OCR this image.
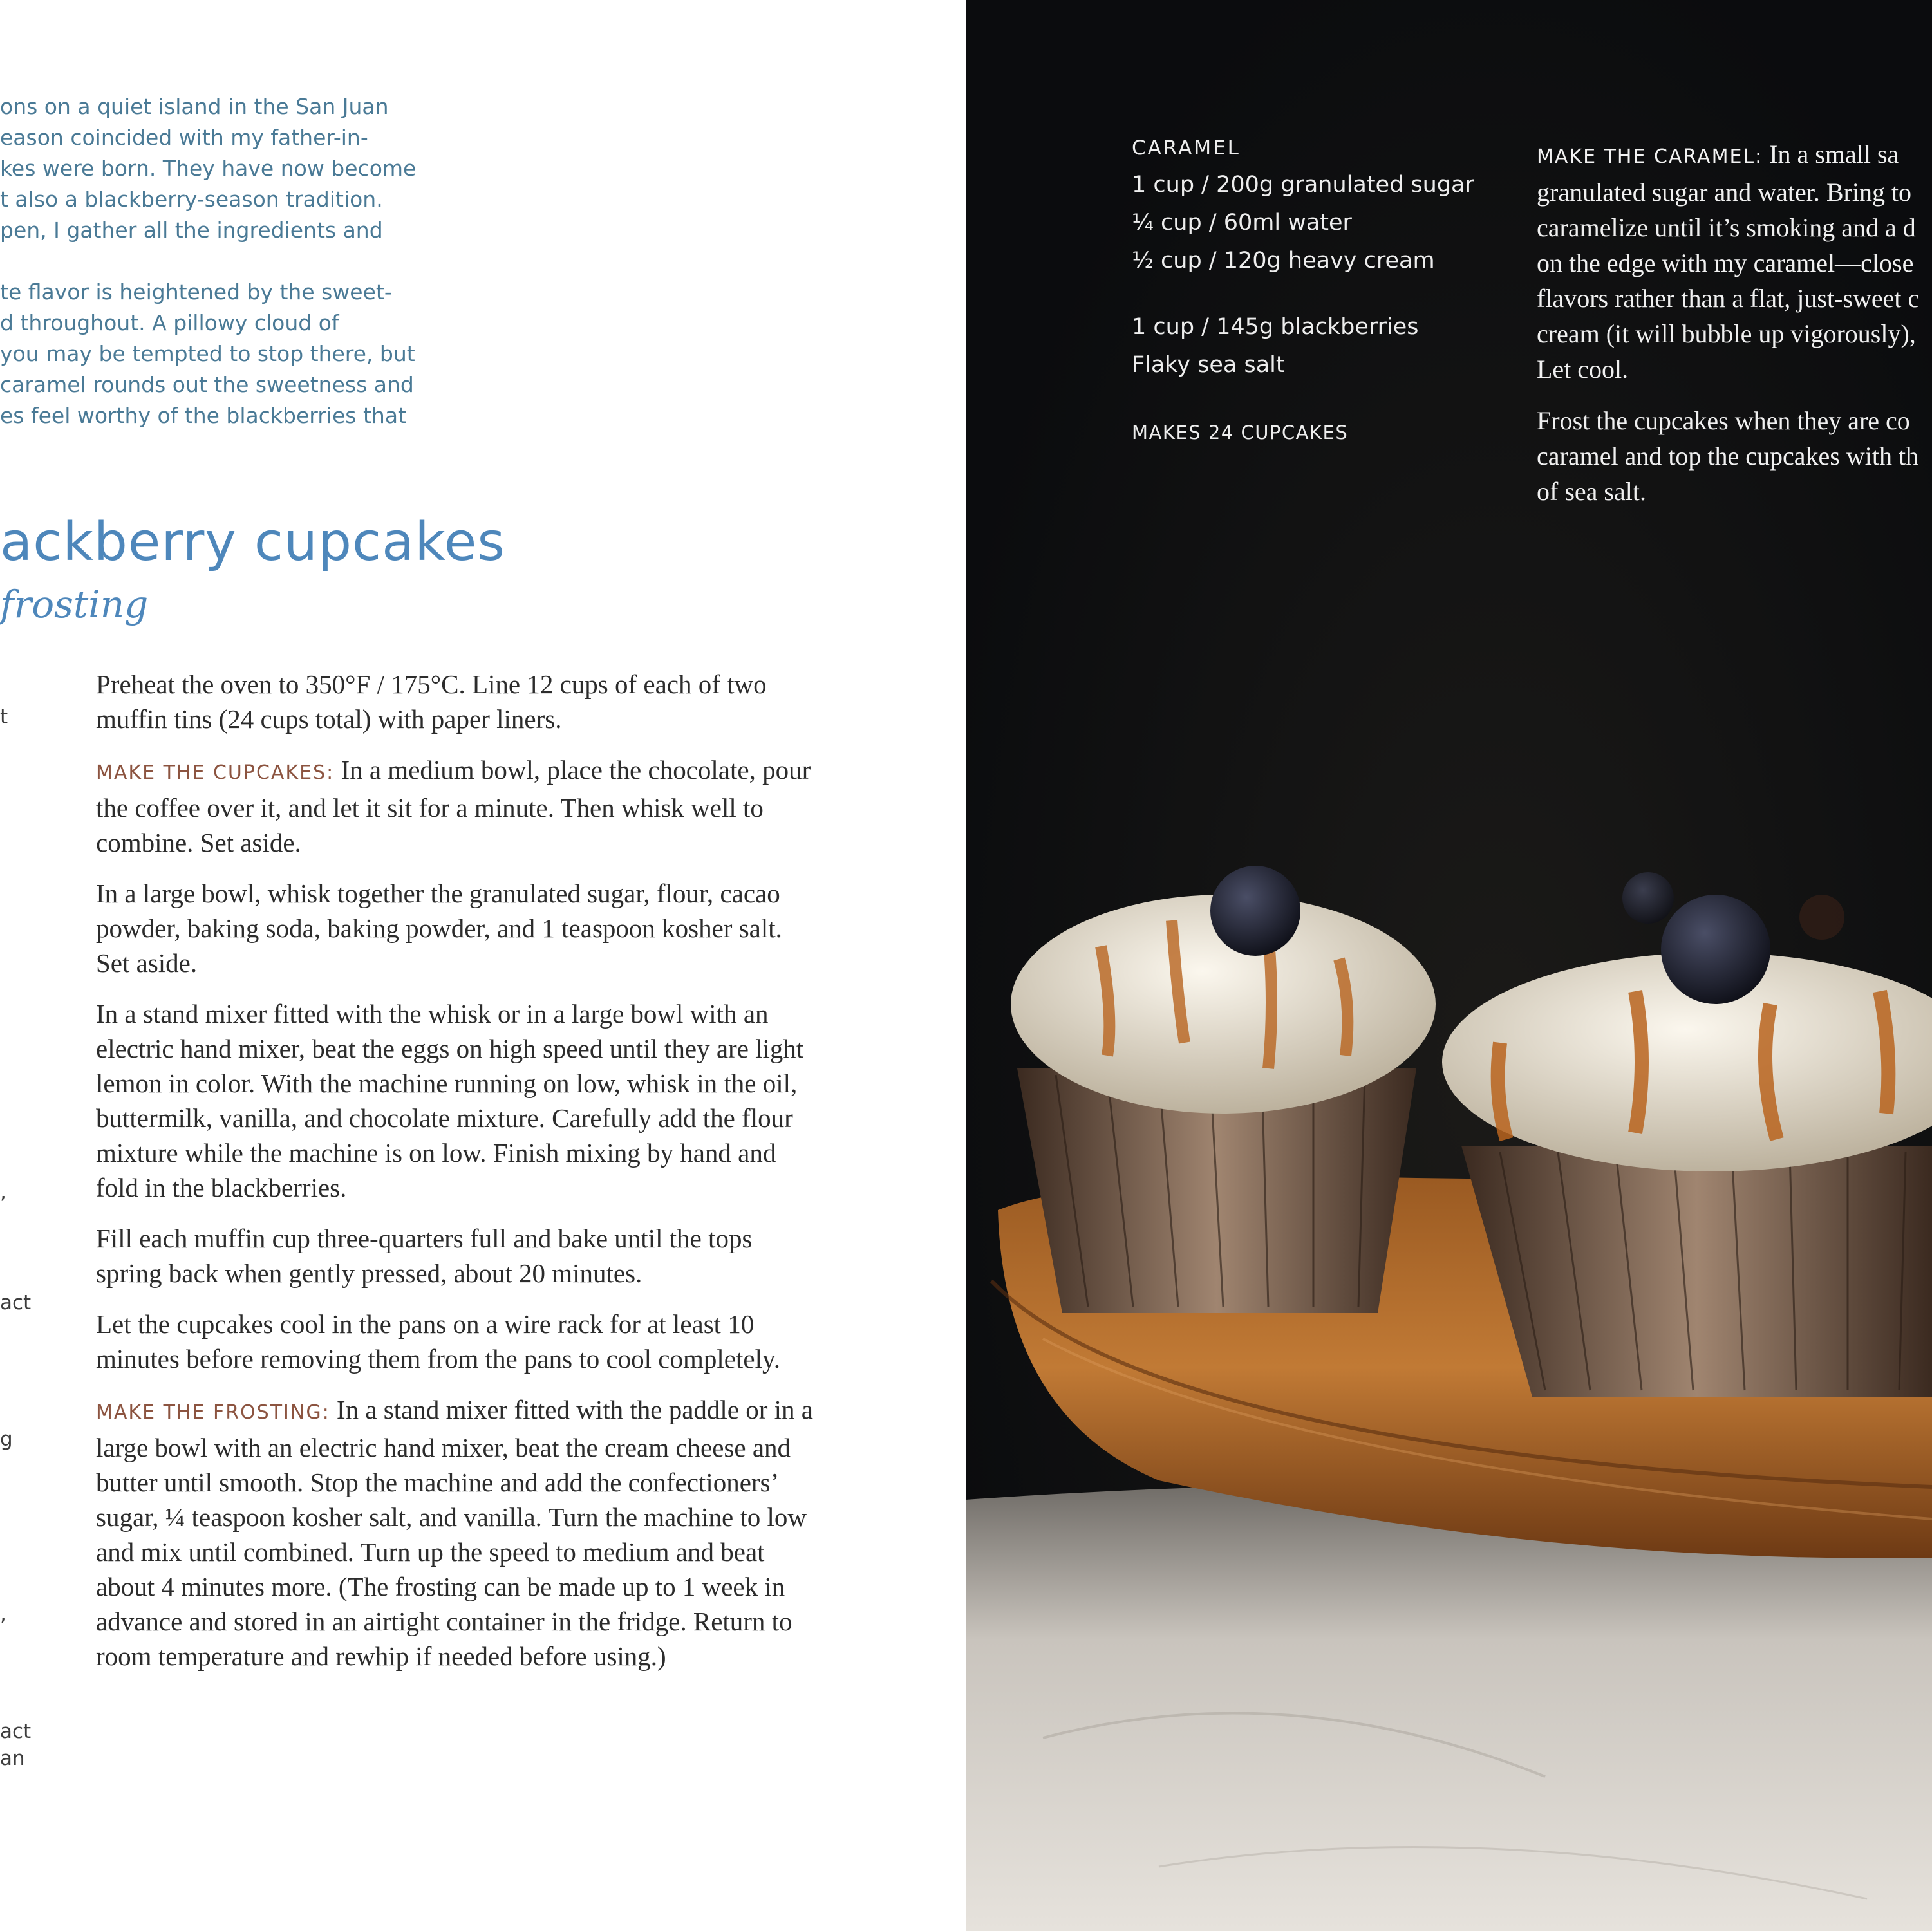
ons on a quiet island in the San Juan
eason coincided with my father-in-
kes were born. They have now become
t also a blackberry-season tradition.
pen, I gather all the ingredients and
te flavor is heightened by the sweet-
d throughout. A pillowy cloud of
you may be tempted to stop there, but
caramel rounds out the sweetness and
es feel worthy of the blackberries that
ackberry cupcakes
frosting
t
,
act
g
,
act
an

Preheat the oven to 350°F / 175°C. Line 12 cups of each of two muffin tins (24 cups total) with paper liners.

MAKE THE CUPCAKES: In a medium bowl, place the chocolate, pour the coffee over it, and let it sit for a minute. Then whisk well to combine. Set aside.

In a large bowl, whisk together the granulated sugar, flour, cacao powder, baking soda, baking powder, and 1 teaspoon kosher salt. Set aside.

In a stand mixer fitted with the whisk or in a large bowl with an electric hand mixer, beat the eggs on high speed until they are light lemon in color. With the machine running on low, whisk in the oil, buttermilk, vanilla, and chocolate mixture. Carefully add the flour mixture while the machine is on low. Finish mixing by hand and fold in the blackberries.

Fill each muffin cup three-quarters full and bake until the tops spring back when gently pressed, about 20 minutes.

Let the cupcakes cool in the pans on a wire rack for at least 10 minutes before removing them from the pans to cool completely.

MAKE THE FROSTING: In a stand mixer fitted with the paddle or in a large bowl with an electric hand mixer, beat the cream cheese and butter until smooth. Stop the machine and add the confectioners’ sugar, ¼ teaspoon kosher salt, and vanilla. Turn the machine to low and mix until combined. Turn up the speed to medium and beat about 4 minutes more. (The frosting can be made up to 1 week in advance and stored in an airtight container in the fridge. Return to room temperature and rewhip if needed before using.)

CARAMEL
1 cup / 200g granulated sugar
¼ cup / 60ml water
½ cup / 120g heavy cream
1 cup / 145g blackberries
Flaky sea salt
MAKES 24 CUPCAKES

MAKE THE CARAMEL: In a small sa
granulated sugar and water. Bring to
caramelize until it’s smoking and a d
on the edge with my caramel—close
flavors rather than a flat, just-sweet c
cream (it will bubble up vigorously),
Let cool.

Frost the cupcakes when they are co
caramel and top the cupcakes with th
of sea salt.
